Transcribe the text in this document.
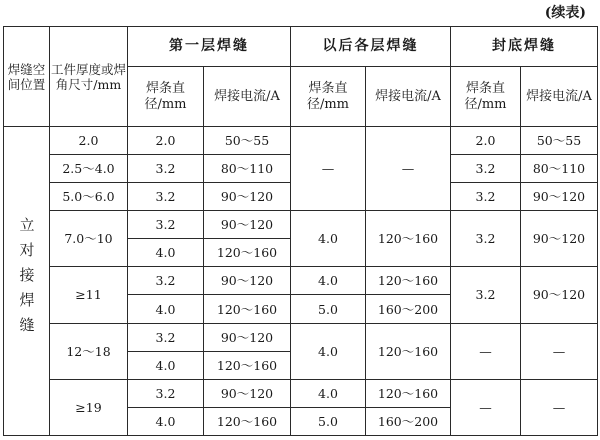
(续表)
焊缝空间位置	工件厚度或焊角尺寸/mm	第一层焊缝		以后各层焊缝		封底焊缝	
		焊条直径/mm	焊接电流/A	焊条直径/mm	焊接电流/A	焊条直径/mm	焊接电流/A
立对接焊缝	2.0	2.0	50～55	—	—	2.0	50～55
	2.5～4.0	3.2	80～110			3.2	80～110
	5.0～6.0	3.2	90～120			3.2	90～120
	7.0～10	3.2	90～120	4.0	120～160	3.2	90～120
		4.0	120～160				
	≥11	3.2	90～120	4.0	120～160	3.2	90～120
		4.0	120～160	5.0	160～200		
	12～18	3.2	90～120	4.0	120～160	—	—
		4.0	120～160				
	≥19	3.2	90～120	4.0	120～160	—	—
		4.0	120～160	5.0	160～200		
